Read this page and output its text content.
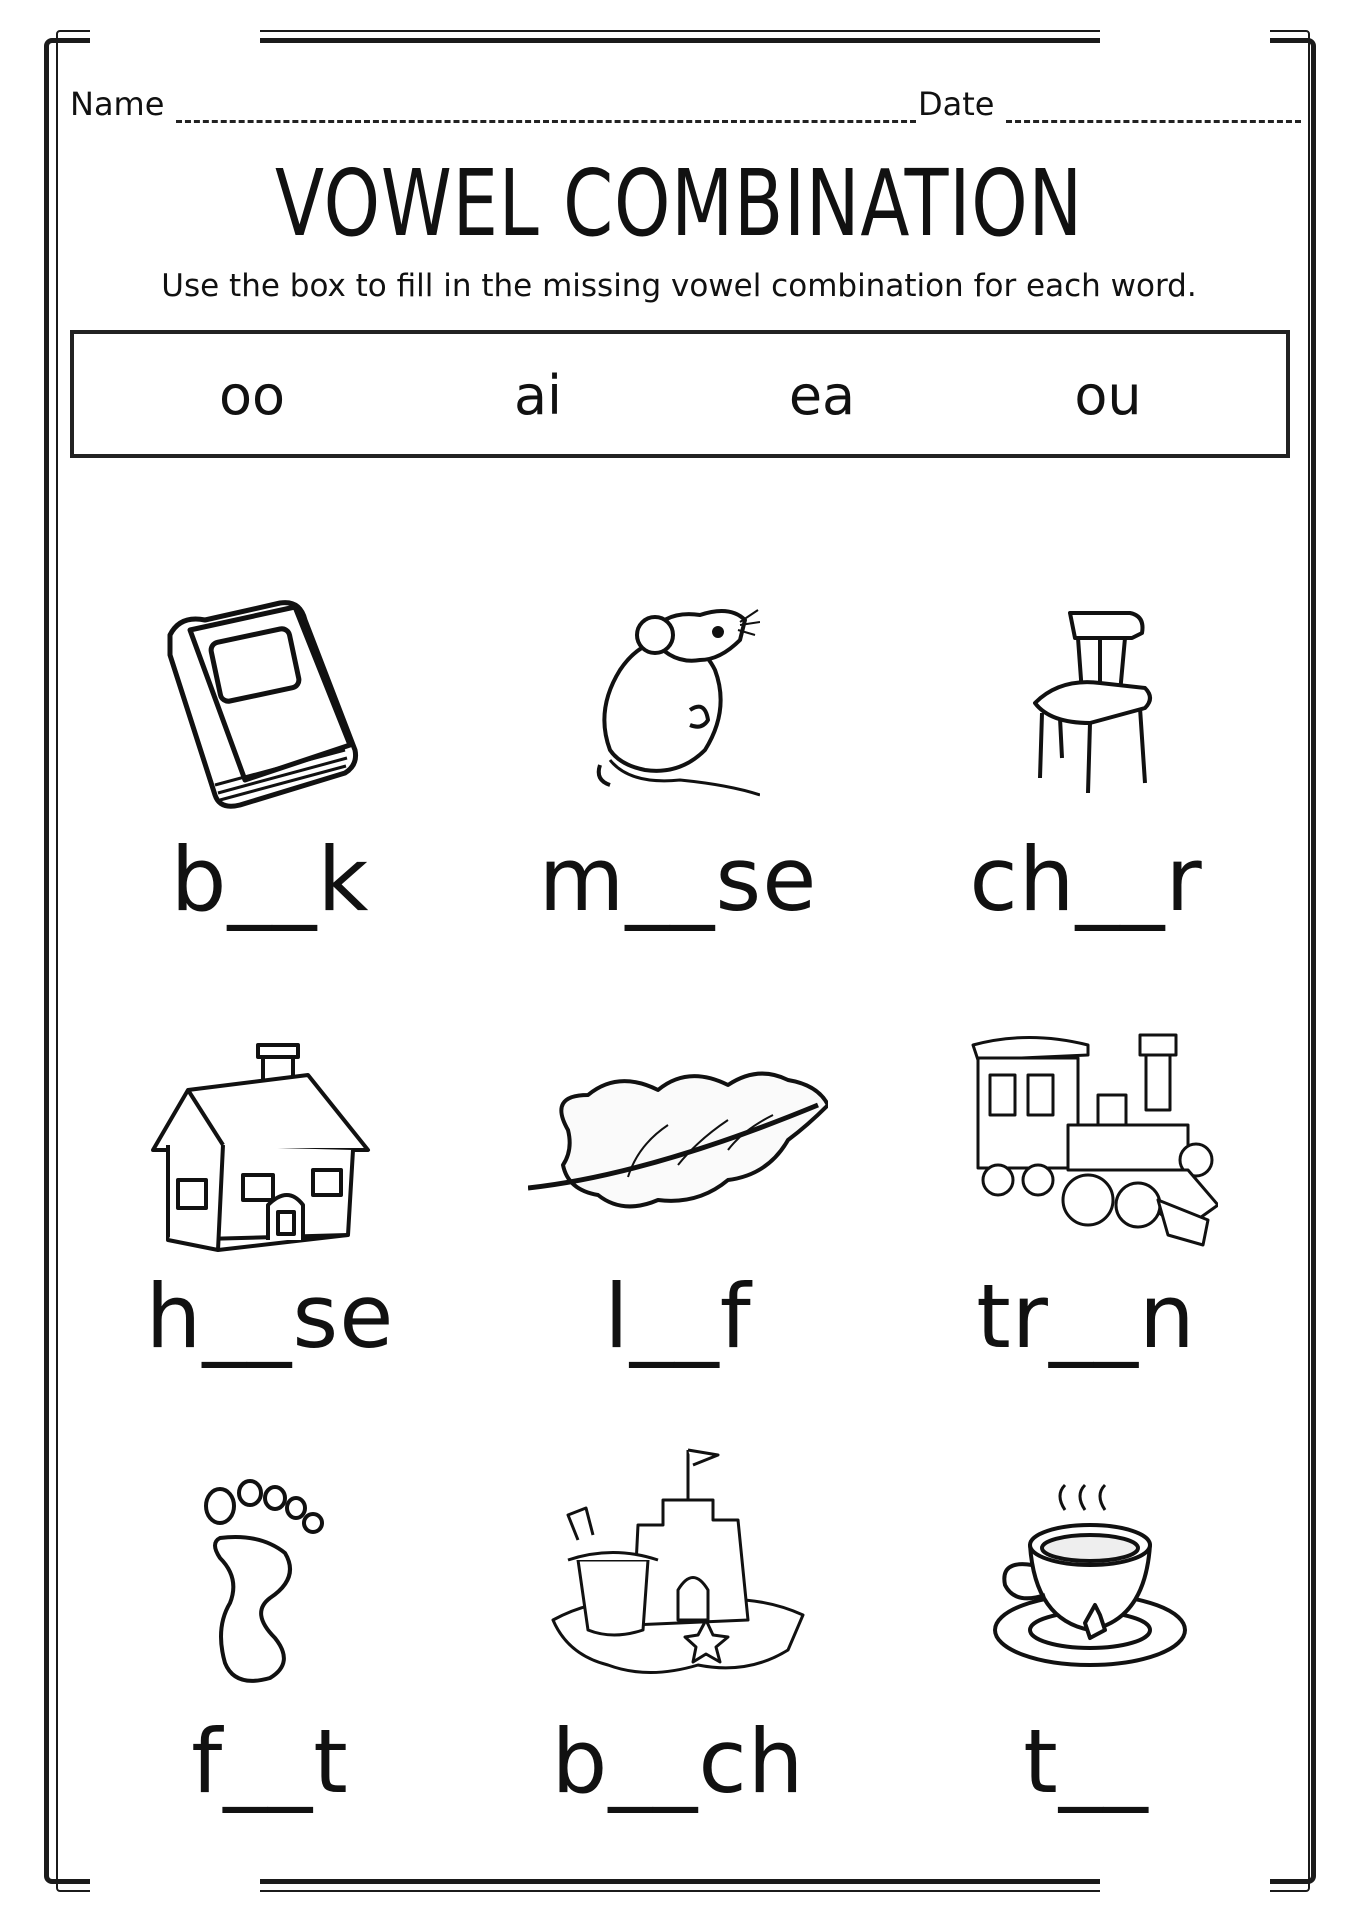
Name	Date
VOWEL COMBINATION
Use the box to fill in the missing vowel combination for each word.
oo	ai	ea	ou
b__k	m__se	ch__r
h__se	l__f	tr__n
f__t	b__ch	t__
